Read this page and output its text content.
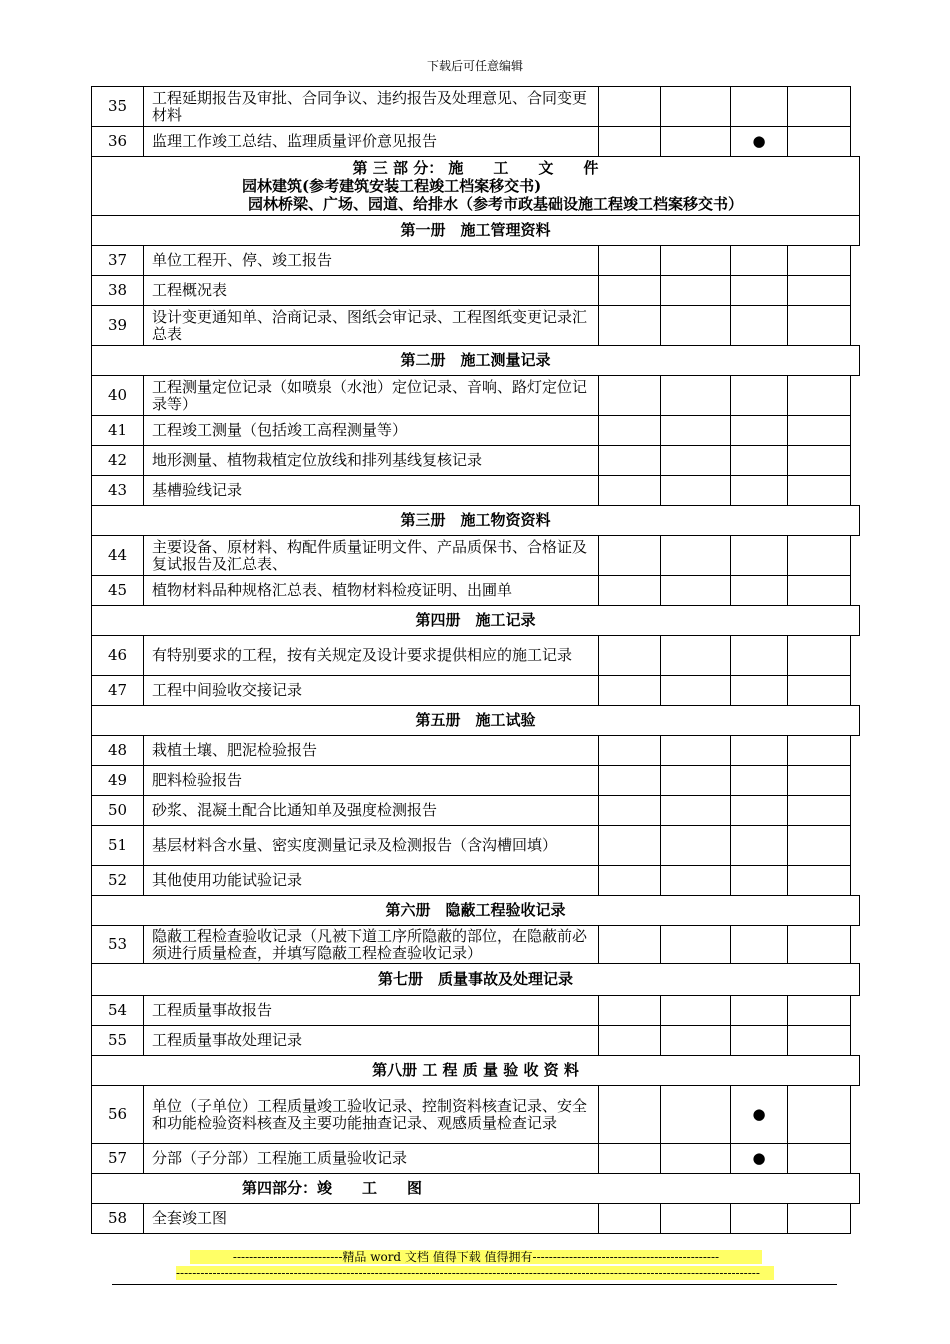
下载后可任意编辑
35	工程延期报告及审批、合同争议、违约报告及处理意见、合同变更材料					
36	监理工作竣工总结、监理质量评价意见报告			●		

第 三 部 分： 施　　工　　文　　件
园林建筑(参考建筑安装工程竣工档案移交书)
园林桥梁、广场、园道、给排水（参考市政基础设施工程竣工档案移交书）						

第一册　施工管理资料						
37	单位工程开、停、竣工报告					
38	工程概况表					
39	设计变更通知单、洽商记录、图纸会审记录、工程图纸变更记录汇总表					
第二册　施工测量记录						
40	工程测量定位记录（如喷泉（水池）定位记录、音响、路灯定位记录等）					
41	工程竣工测量（包括竣工高程测量等）					
42	地形测量、植物栽植定位放线和排列基线复核记录					
43	基槽验线记录					
第三册　施工物资资料						
44	主要设备、原材料、构配件质量证明文件、产品质保书、合格证及复试报告及汇总表、					
45	植物材料品种规格汇总表、植物材料检疫证明、出圃单					
第四册　施工记录						
46	有特别要求的工程，按有关规定及设计要求提供相应的施工记录					
47	工程中间验收交接记录					
第五册　施工试验						
48	栽植土壤、肥泥检验报告					
49	肥料检验报告					
50	砂浆、混凝土配合比通知单及强度检测报告					
51	基层材料含水量、密实度测量记录及检测报告（含沟槽回填）					
52	其他使用功能试验记录					
第六册　隐蔽工程验收记录						
53	隐蔽工程检查验收记录（凡被下道工序所隐蔽的部位，在隐蔽前必须进行质量检查，并填写隐蔽工程检查验收记录）					
第七册　质量事故及处理记录						
54	工程质量事故报告					
55	工程质量事故处理记录					
第八册 工 程 质 量 验 收 资 料						
56	单位（子单位）工程质量竣工验收记录、控制资料核查记录、安全和功能检验资料核查及主要功能抽查记录、观感质量检查记录			●		
57	分部（子分部）工程施工质量验收记录			●		
第四部分：竣　　工　　图						
58	全套竣工图					
---------------------------精品 word 文档 值得下载 值得拥有----------------------------------------------
------------------------------------------------------------------------------------------------------------------------------------------------
